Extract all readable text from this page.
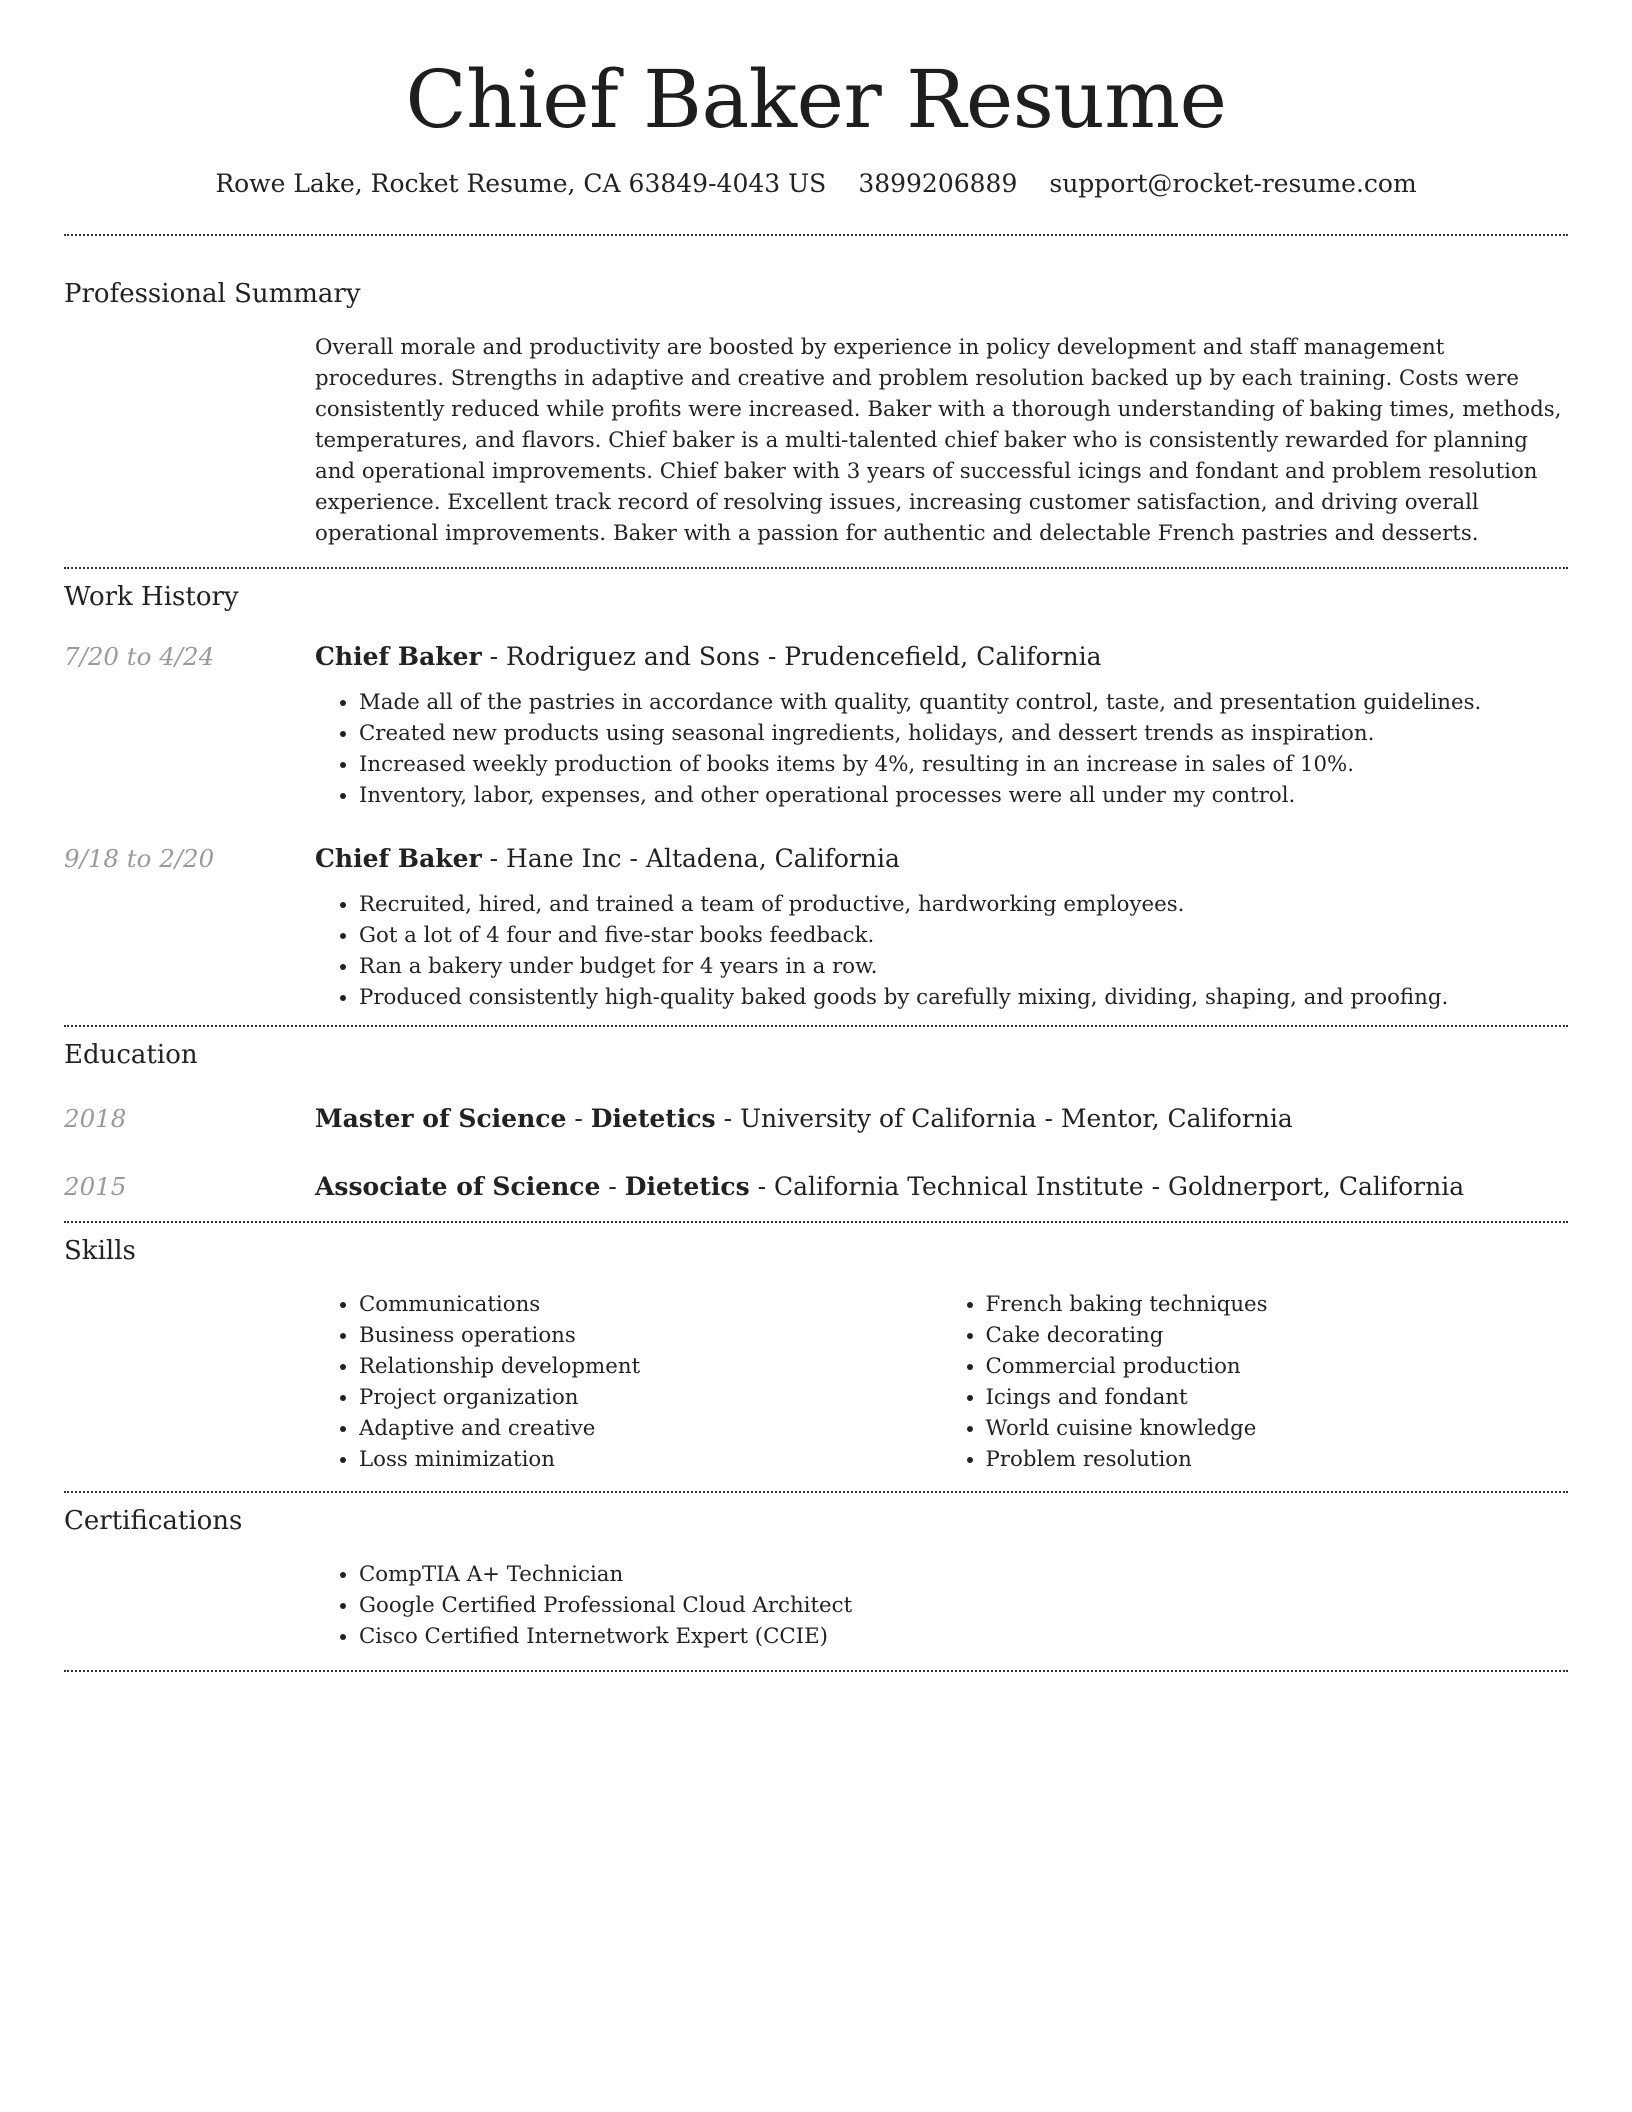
Chief Baker Resume
Rowe Lake, Rocket Resume, CA 63849-4043 US 3899206889 support@rocket-resume.com
Professional Summary

Overall morale and productivity are boosted by experience in policy development and staff management procedures. Strengths in adaptive and creative and problem resolution backed up by each training. Costs were consistently reduced while profits were increased. Baker with a thorough understanding of baking times, methods, temperatures, and flavors. Chief baker is a multi-talented chief baker who is consistently rewarded for planning and operational improvements. Chief baker with 3 years of successful icings and fondant and problem resolution experience. Excellent track record of resolving issues, increasing customer satisfaction, and driving overall operational improvements. Baker with a passion for authentic and delectable French pastries and desserts.

Work History
7/20 to 4/24	Chief Baker - Rodriguez and Sons - Prudencefield, California
• Made all of the pastries in accordance with quality, quantity control, taste, and presentation guidelines.
• Created new products using seasonal ingredients, holidays, and dessert trends as inspiration.
• Increased weekly production of books items by 4%, resulting in an increase in sales of 10%.
• Inventory, labor, expenses, and other operational processes were all under my control.
9/18 to 2/20	Chief Baker - Hane Inc - Altadena, California
• Recruited, hired, and trained a team of productive, hardworking employees.
• Got a lot of 4 four and five-star books feedback.
• Ran a bakery under budget for 4 years in a row.
• Produced consistently high-quality baked goods by carefully mixing, dividing, shaping, and proofing.
Education
2018	Master of Science - Dietetics - University of California - Mentor, California
2015	Associate of Science - Dietetics - California Technical Institute - Goldnerport, California
Skills
• Communications
• Business operations
• Relationship development
• Project organization
• Adaptive and creative
• Loss minimization
• French baking techniques
• Cake decorating
• Commercial production
• Icings and fondant
• World cuisine knowledge
• Problem resolution
Certifications
• CompTIA A+ Technician
• Google Certified Professional Cloud Architect
• Cisco Certified Internetwork Expert (CCIE)
